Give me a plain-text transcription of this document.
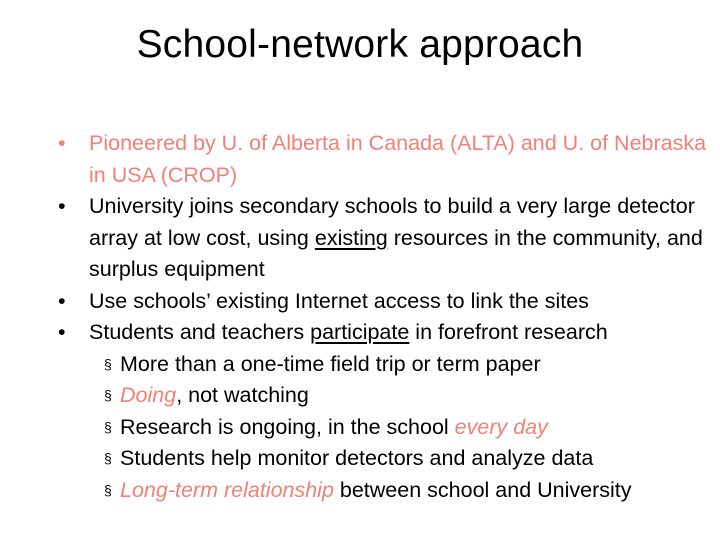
School-network approach
• Pioneered by U. of Alberta in Canada (ALTA) and U. of Nebraska in USA (CROP)
• University joins secondary schools to build a very large detector array at low cost, using existing resources in the community, and surplus equipment
• Use schools’ existing Internet access to link the sites
• Students and teachers participate in forefront research
§ More than a one-time field trip or term paper
§ Doing, not watching
§ Research is ongoing, in the school every day
§ Students help monitor detectors and analyze data
§ Long-term relationship between school and University
